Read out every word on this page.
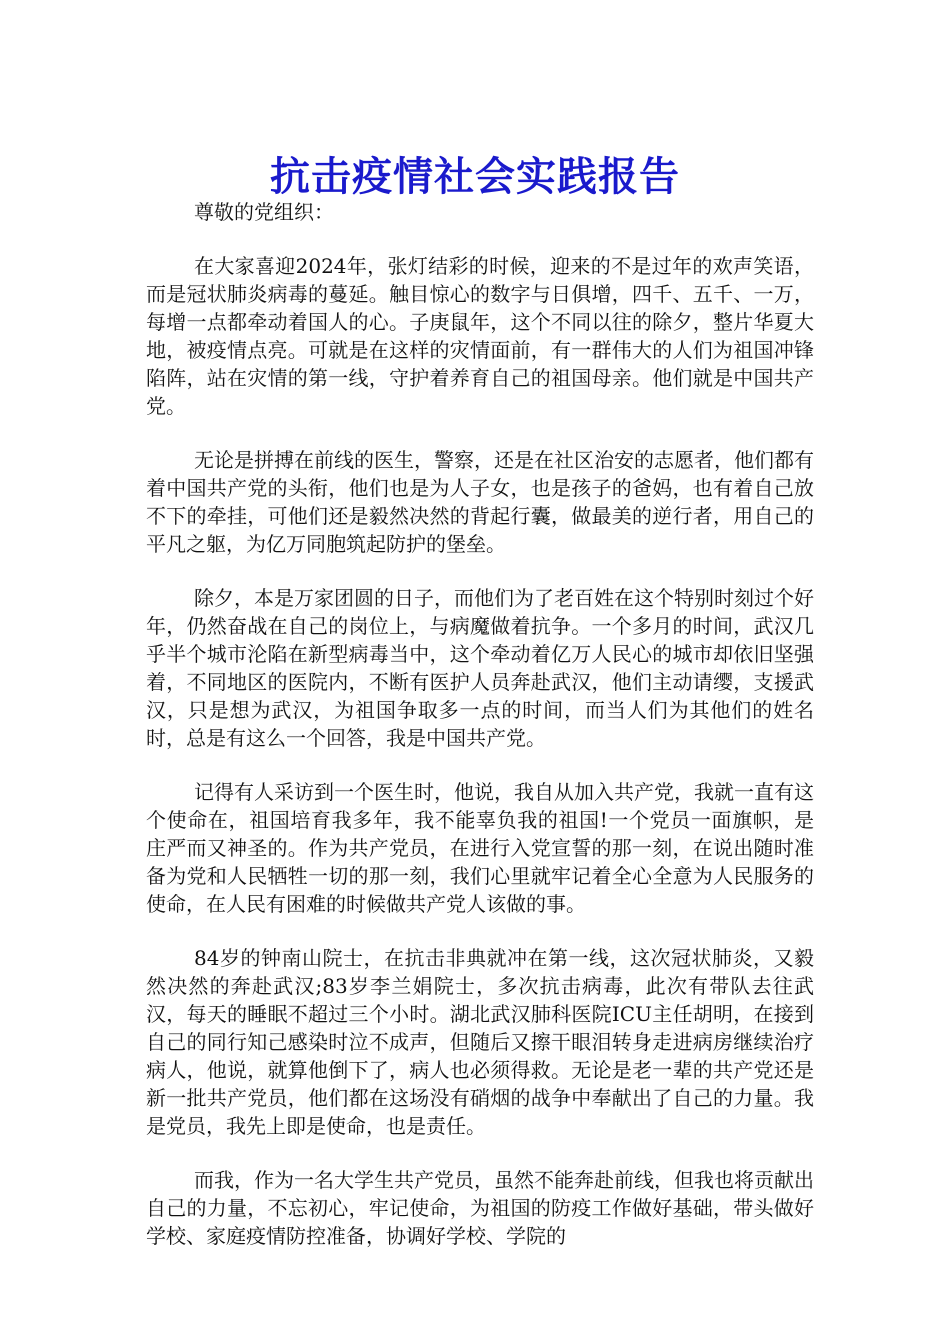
抗击疫情社会实践报告

尊敬的党组织：

在大家喜迎2024年，张灯结彩的时候，迎来的不是过年的欢声笑语，而是冠状肺炎病毒的蔓延。触目惊心的数字与日俱增，四千、五千、一万，每增一点都牵动着国人的心。子庚鼠年，这个不同以往的除夕，整片华夏大地，被疫情点亮。可就是在这样的灾情面前，有一群伟大的人们为祖国冲锋陷阵，站在灾情的第一线，守护着养育自己的祖国母亲。他们就是中国共产党。

无论是拼搏在前线的医生，警察，还是在社区治安的志愿者，他们都有着中国共产党的头衔，他们也是为人子女，也是孩子的爸妈，也有着自己放不下的牵挂，可他们还是毅然决然的背起行囊，做最美的逆行者，用自己的平凡之躯，为亿万同胞筑起防护的堡垒。

除夕，本是万家团圆的日子，而他们为了老百姓在这个特别时刻过个好年，仍然奋战在自己的岗位上，与病魔做着抗争。一个多月的时间，武汉几乎半个城市沦陷在新型病毒当中，这个牵动着亿万人民心的城市却依旧坚强着，不同地区的医院内，不断有医护人员奔赴武汉，他们主动请缨，支援武汉，只是想为武汉，为祖国争取多一点的时间，而当人们为其他们的姓名时，总是有这么一个回答，我是中国共产党。

记得有人采访到一个医生时，他说，我自从加入共产党，我就一直有这个使命在，祖国培育我多年，我不能辜负我的祖国!一个党员一面旗帜，是庄严而又神圣的。作为共产党员，在进行入党宣誓的那一刻，在说出随时准备为党和人民牺牲一切的那一刻，我们心里就牢记着全心全意为人民服务的使命，在人民有困难的时候做共产党人该做的事。

84岁的钟南山院士，在抗击非典就冲在第一线，这次冠状肺炎，又毅然决然的奔赴武汉;83岁李兰娟院士，多次抗击病毒，此次有带队去往武汉，每天的睡眠不超过三个小时。湖北武汉肺科医院ICU主任胡明，在接到自己的同行知己感染时泣不成声，但随后又擦干眼泪转身走进病房继续治疗病人，他说，就算他倒下了，病人也必须得救。无论是老一辈的共产党还是新一批共产党员，他们都在这场没有硝烟的战争中奉献出了自己的力量。我是党员，我先上即是使命，也是责任。

而我，作为一名大学生共产党员，虽然不能奔赴前线，但我也将贡献出自己的力量，不忘初心，牢记使命，为祖国的防疫工作做好基础，带头做好学校、家庭疫情防控准备，协调好学校、学院的
